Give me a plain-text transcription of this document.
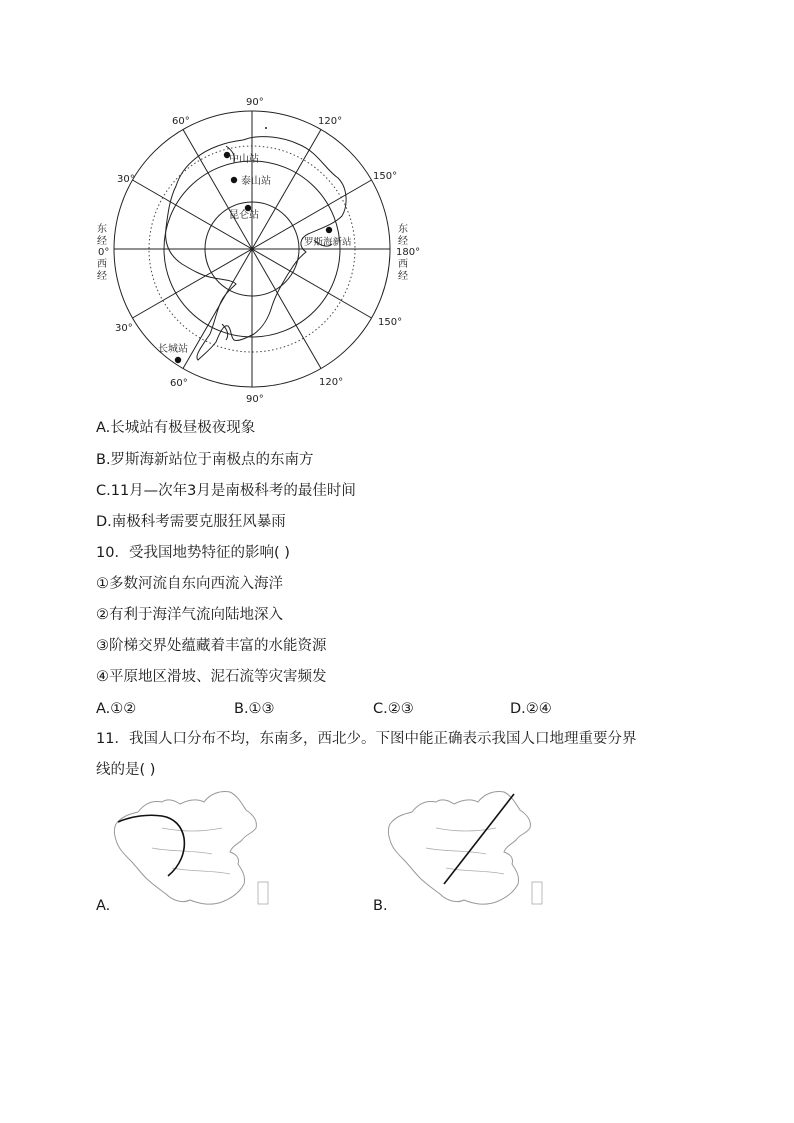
中山站
泰山站
昆仑站
罗斯海新站
长城站
90°
90°
60°	120°
30°	150°
30°
150°
60°	120°
东
经
0°
西
经
东
经
180°
西
经
A.长城站有极昼极夜现象
B.罗斯海新站位于南极点的东南方
C.11月—次年3月是南极科考的最佳时间
D.南极科考需要克服狂风暴雨
10．受我国地势特征的影响( )
①多数河流自东向西流入海洋
②有利于海洋气流向陆地深入
③阶梯交界处蕴藏着丰富的水能资源
④平原地区滑坡、泥石流等灾害频发
A.①②	B.①③	C.②③	D.②④
11．我国人口分布不均，东南多，西北少。下图中能正确表示我国人口地理重要分界
线的是( )
A.	B.
